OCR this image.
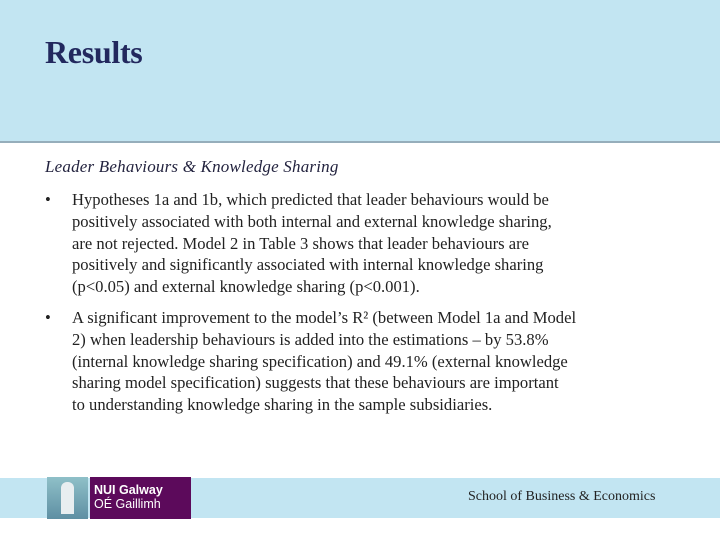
Results
Leader Behaviours & Knowledge Sharing
• Hypotheses 1a and 1b, which predicted that leader behaviours would be
positively associated with both internal and external knowledge sharing,
are not rejected. Model 2 in Table 3 shows that leader behaviours are
positively and significantly associated with internal knowledge sharing
(p<0.05) and external knowledge sharing (p<0.001).
• A significant improvement to the model’s R² (between Model 1a and Model
2) when leadership behaviours is added into the estimations – by 53.8%
(internal knowledge sharing specification) and 49.1% (external knowledge
sharing model specification) suggests that these behaviours are important
to understanding knowledge sharing in the sample subsidiaries.
NUI Galway
OÉ Gaillimh	School of Business & Economics
